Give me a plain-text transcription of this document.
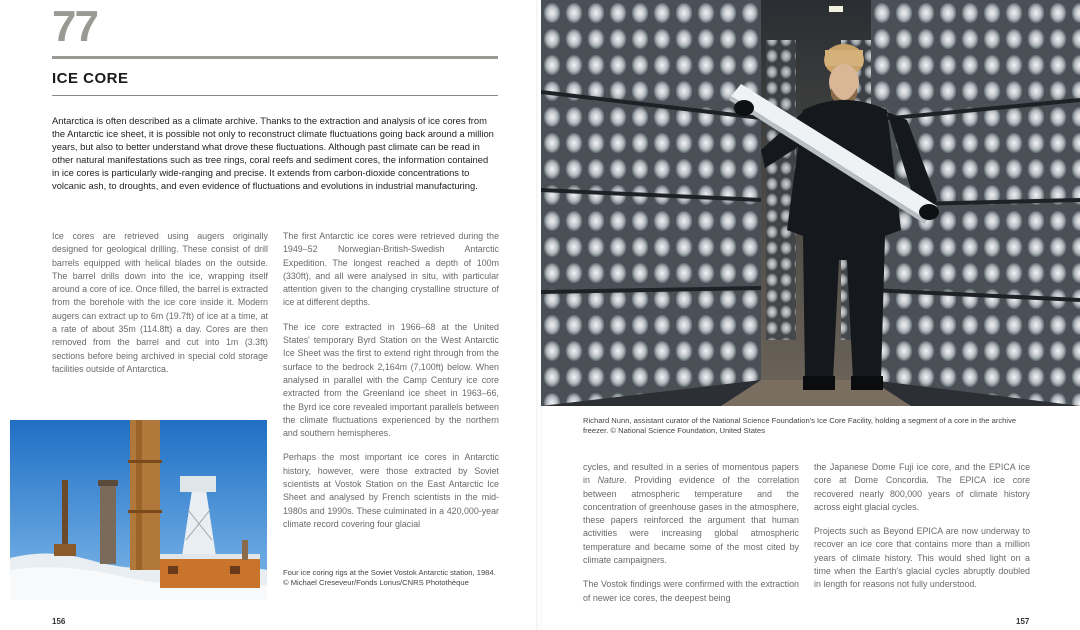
77
ICE CORE

Antarctica is often described as a climate archive. Thanks to the extraction and analysis of ice cores from the Antarctic ice sheet, it is possible not only to reconstruct climate fluctuations going back around a million years, but also to better understand what drove these fluctuations. Although past climate can be read in other natural manifestations such as tree rings, coral reefs and sediment cores, the information contained in ice cores is particularly wide-ranging and precise. It extends from carbon-dioxide concentrations to volcanic ash, to droughts, and even evidence of fluctuations and evolutions in industrial manufacturing.

Ice cores are retrieved using augers originally designed for geological drilling. These consist of drill barrels equipped with helical blades on the outside. The barrel drills down into the ice, wrapping itself around a core of ice. Once filled, the barrel is extracted from the borehole with the ice core inside it. Modern augers can extract up to 6m (19.7ft) of ice at a time, at a rate of about 35m (114.8ft) a day. Cores are then removed from the barrel and cut into 1m (3.3ft) sections before being archived in special cold storage facilities outside of Antarctica.

The first Antarctic ice cores were retrieved during the 1949–52 Norwegian-British-Swedish Antarctic Expedition. The longest reached a depth of 100m (330ft), and all were analysed in situ, with particular attention given to the changing crystalline structure of ice at different depths.

The ice core extracted in 1966–68 at the United States' temporary Byrd Station on the West Antarctic Ice Sheet was the first to extend right through from the surface to the bedrock 2,164m (7,100ft) below. When analysed in parallel with the Camp Century ice core extracted from the Greenland ice sheet in 1963–66, the Byrd ice core revealed important parallels between the climate fluctuations experienced by the northern and southern hemispheres.

Perhaps the most important ice cores in Antarctic history, however, were those extracted by Soviet scientists at Vostok Station on the East Antarctic Ice Sheet and analysed by French scientists in the mid-1980s and 1990s. These culminated in a 420,000-year climate record covering four glacial

Four ice coring rigs at the Soviet Vostok Antarctic station, 1984. © Michael Creseveur/Fonds Lorius/CNRS Photothèque

156

Richard Nunn, assistant curator of the National Science Foundation's Ice Core Facility, holding a segment of a core in the archive freezer. © National Science Foundation, United States

cycles, and resulted in a series of momentous papers in Nature. Providing evidence of the correlation between atmospheric temperature and the concentration of greenhouse gases in the atmosphere, these papers reinforced the argument that human activities were increasing global atmospheric temperature and became some of the most cited by climate campaigners.

The Vostok findings were confirmed with the extraction of newer ice cores, the deepest being

the Japanese Dome Fuji ice core, and the EPICA ice core at Dome Concordia. The EPICA ice core recovered nearly 800,000 years of climate history across eight glacial cycles.

Projects such as Beyond EPICA are now underway to recover an ice core that contains more than a million years of climate history. This would shed light on a time when the Earth's glacial cycles abruptly doubled in length for reasons not fully understood.

157
